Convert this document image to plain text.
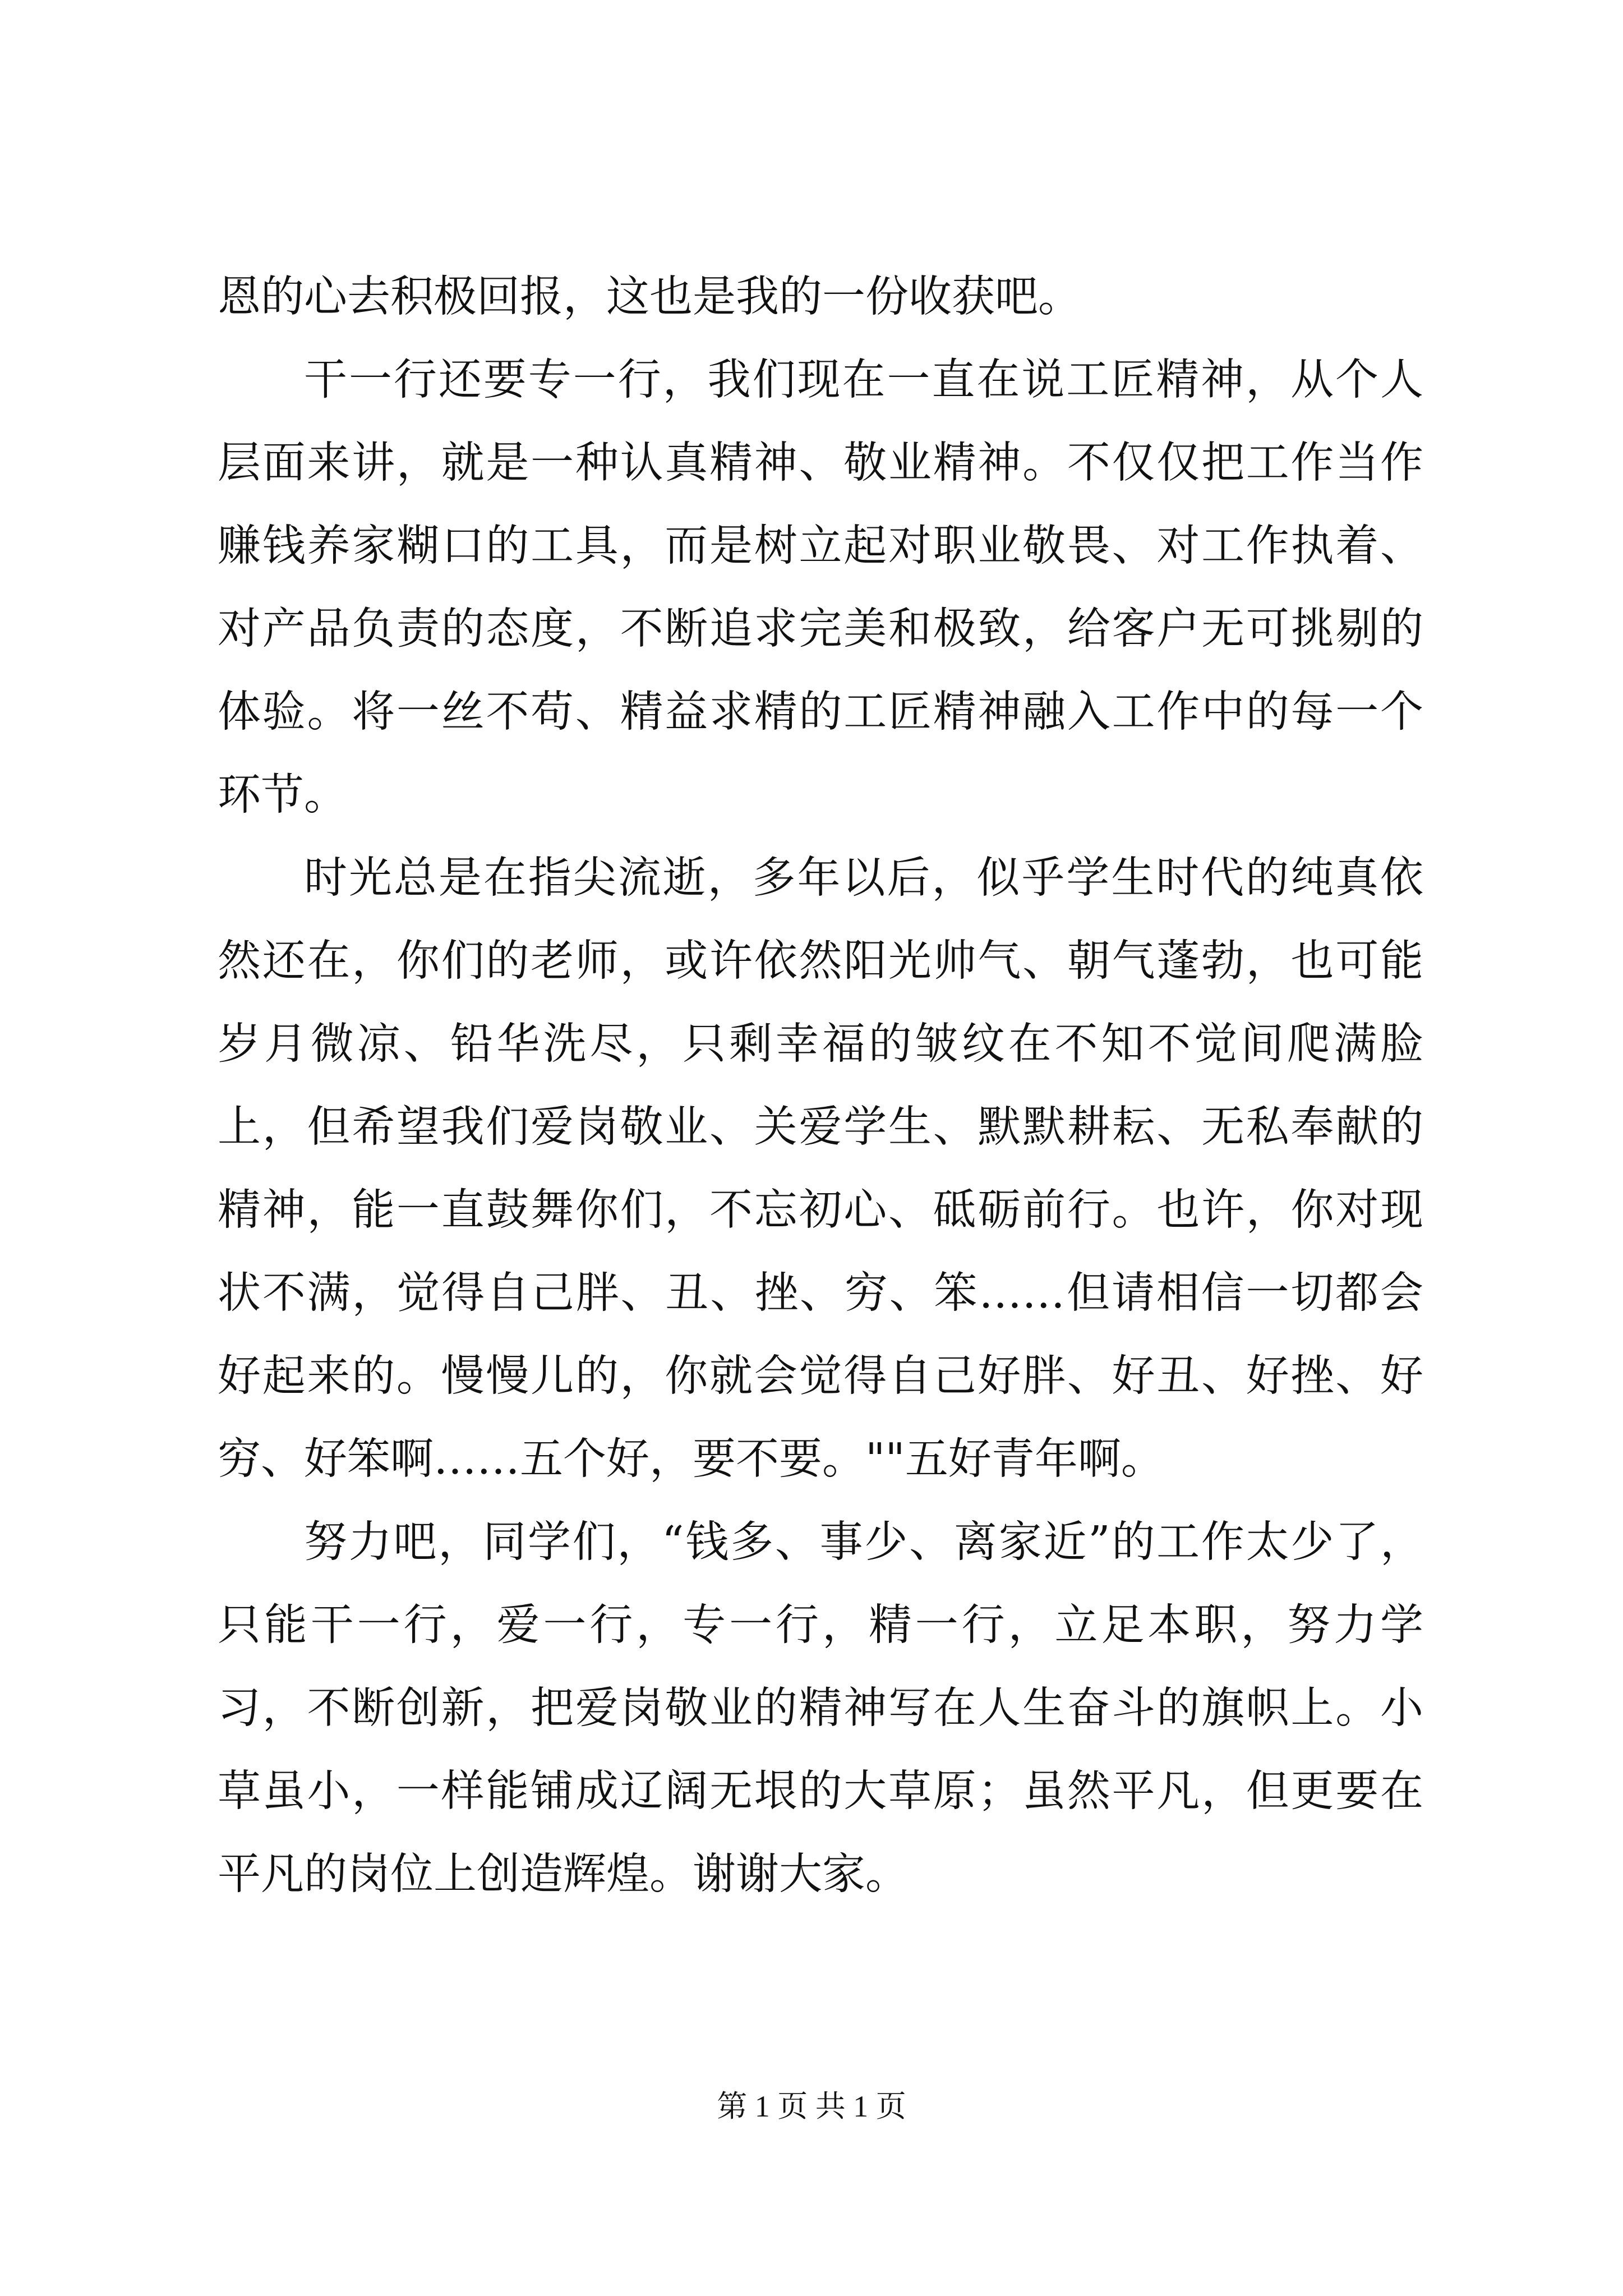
恩的心去积极回报，这也是我的一份收获吧。

干一行还要专一行，我们现在一直在说工匠精神，从个人层面来讲，就是一种认真精神、敬业精神。不仅仅把工作当作赚钱养家糊口的工具，而是树立起对职业敬畏、对工作执着、对产品负责的态度，不断追求完美和极致，给客户无可挑剔的体验。将一丝不苟、精益求精的工匠精神融入工作中的每一个环节。

时光总是在指尖流逝，多年以后，似乎学生时代的纯真依然还在，你们的老师，或许依然阳光帅气、朝气蓬勃，也可能岁月微凉、铅华洗尽，只剩幸福的皱纹在不知不觉间爬满脸上，但希望我们爱岗敬业、关爱学生、默默耕耘、无私奉献的精神，能一直鼓舞你们，不忘初心、砥砺前行。也许，你对现状不满，觉得自己胖、丑、挫、穷、笨……但请相信一切都会好起来的。慢慢儿的，你就会觉得自己好胖、好丑、好挫、好穷、好笨啊……五个好，要不要。""五好青年啊。

努力吧，同学们，“钱多、事少、离家近”的工作太少了，只能干一行，爱一行，专一行，精一行，立足本职，努力学习，不断创新，把爱岗敬业的精神写在人生奋斗的旗帜上。小草虽小，一样能铺成辽阔无垠的大草原；虽然平凡，但更要在平凡的岗位上创造辉煌。谢谢大家。

第 1 页 共 1 页
